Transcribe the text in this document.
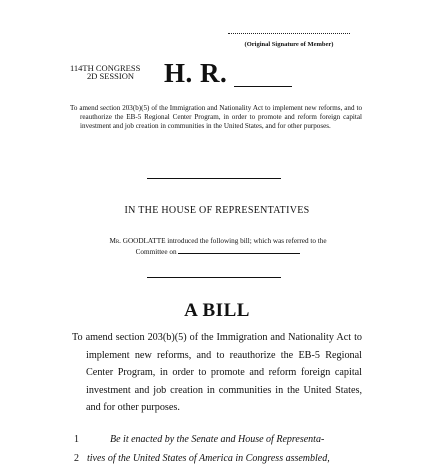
(Original Signature of Member)
114TH CONGRESS
2D SESSION H. R.
To amend section 203(b)(5) of the Immigration and Nationality Act to implement new reforms, and to reauthorize the EB-5 Regional Center Program, in order to promote and reform foreign capital investment and job creation in communities in the United States, and for other purposes.
IN THE HOUSE OF REPRESENTATIVES
Mr. GOODLATTE introduced the following bill; which was referred to the
Committee on
A BILL
To amend section 203(b)(5) of the Immigration and Nationality Act to implement new reforms, and to reauthorize the EB-5 Regional Center Program, in order to promote and reform foreign capital investment and job creation in communities in the United States, and for other purposes.
1	Be it enacted by the Senate and House of Representa-
2 tives of the United States of America in Congress assembled,
